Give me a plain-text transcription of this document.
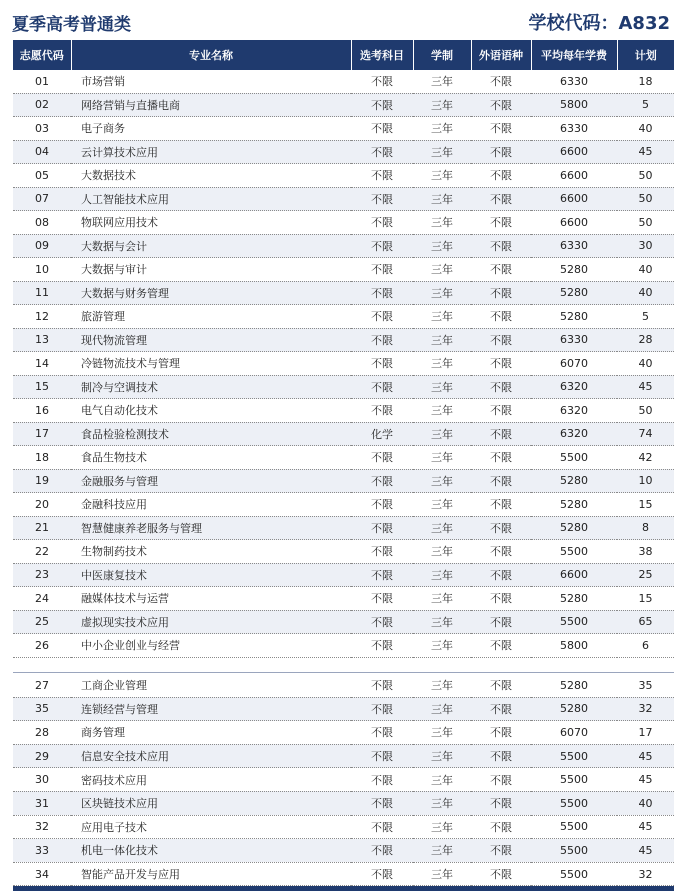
夏季高考普通类	学校代码：A832
志愿代码	专业名称	选考科目	学制	外语语种	平均每年学费	计划
01	市场营销	不限	三年	不限	6330	18
02	网络营销与直播电商	不限	三年	不限	5800	5
03	电子商务	不限	三年	不限	6330	40
04	云计算技术应用	不限	三年	不限	6600	45
05	大数据技术	不限	三年	不限	6600	50
07	人工智能技术应用	不限	三年	不限	6600	50
08	物联网应用技术	不限	三年	不限	6600	50
09	大数据与会计	不限	三年	不限	6330	30
10	大数据与审计	不限	三年	不限	5280	40
11	大数据与财务管理	不限	三年	不限	5280	40
12	旅游管理	不限	三年	不限	5280	5
13	现代物流管理	不限	三年	不限	6330	28
14	冷链物流技术与管理	不限	三年	不限	6070	40
15	制冷与空调技术	不限	三年	不限	6320	45
16	电气自动化技术	不限	三年	不限	6320	50
17	食品检验检测技术	化学	三年	不限	6320	74
18	食品生物技术	不限	三年	不限	5500	42
19	金融服务与管理	不限	三年	不限	5280	10
20	金融科技应用	不限	三年	不限	5280	15
21	智慧健康养老服务与管理	不限	三年	不限	5280	8
22	生物制药技术	不限	三年	不限	5500	38
23	中医康复技术	不限	三年	不限	6600	25
24	融媒体技术与运营	不限	三年	不限	5280	15
25	虚拟现实技术应用	不限	三年	不限	5500	65
26	中小企业创业与经营	不限	三年	不限	5800	6
27	工商企业管理	不限	三年	不限	5280	35
35	连锁经营与管理	不限	三年	不限	5280	32
28	商务管理	不限	三年	不限	6070	17
29	信息安全技术应用	不限	三年	不限	5500	45
30	密码技术应用	不限	三年	不限	5500	45
31	区块链技术应用	不限	三年	不限	5500	40
32	应用电子技术	不限	三年	不限	5500	45
33	机电一体化技术	不限	三年	不限	5500	45
34	智能产品开发与应用	不限	三年	不限	5500	32
